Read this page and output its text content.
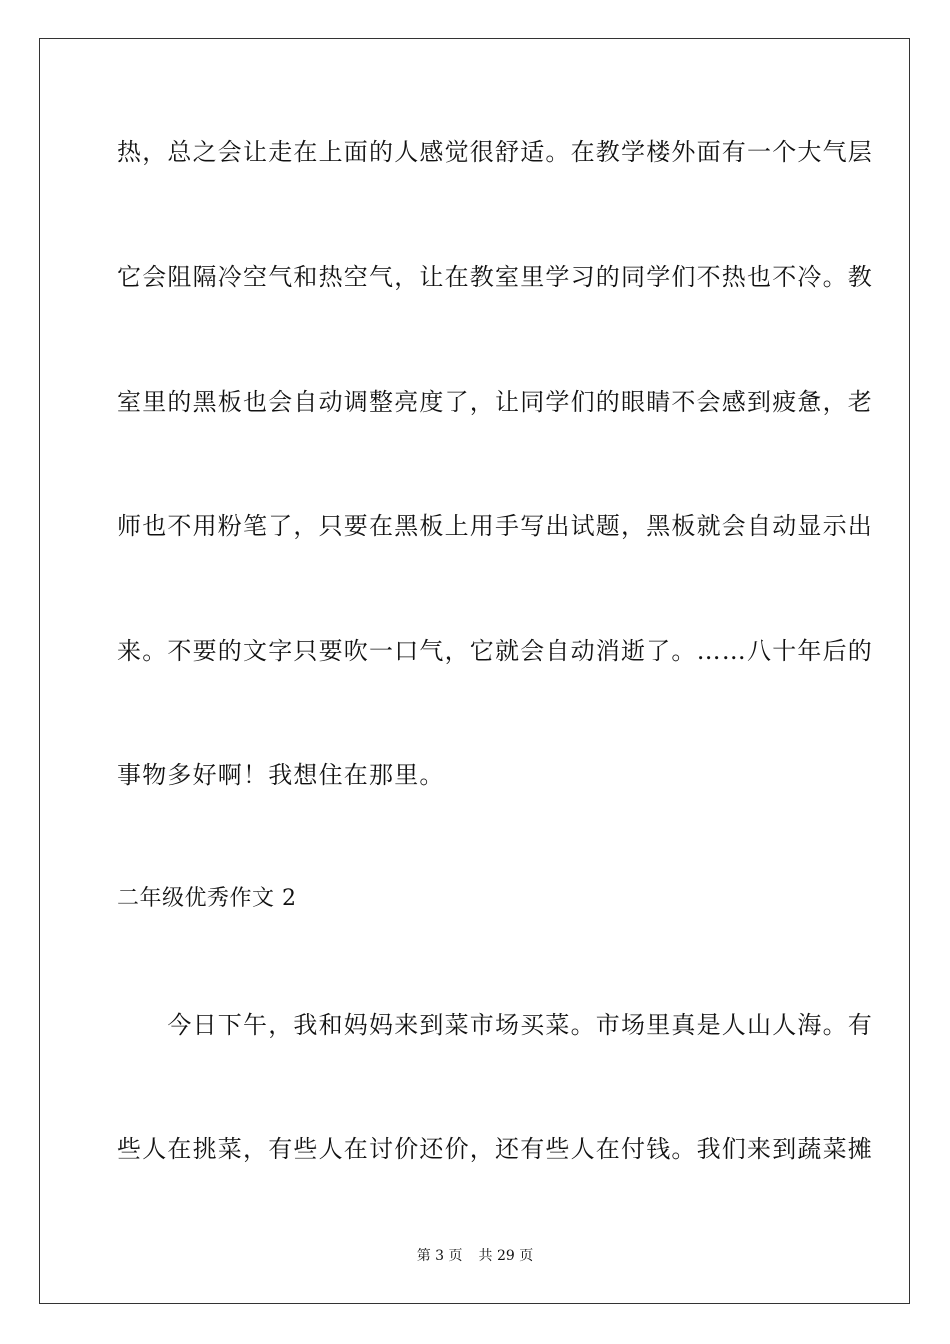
热，总之会让走在上面的人感觉很舒适。在教学楼外面有一个大气层
它会阻隔冷空气和热空气，让在教室里学习的同学们不热也不冷。教
室里的黑板也会自动调整亮度了，让同学们的眼睛不会感到疲惫，老
师也不用粉笔了，只要在黑板上用手写出试题，黑板就会自动显示出
来。不要的文字只要吹一口气，它就会自动消逝了。……八十年后的
事物多好啊！我想住在那里。
二年级优秀作文 2
　　今日下午，我和妈妈来到菜市场买菜。市场里真是人山人海。有
些人在挑菜，有些人在讨价还价，还有些人在付钱。我们来到蔬菜摊
第 3 页 共 29 页
